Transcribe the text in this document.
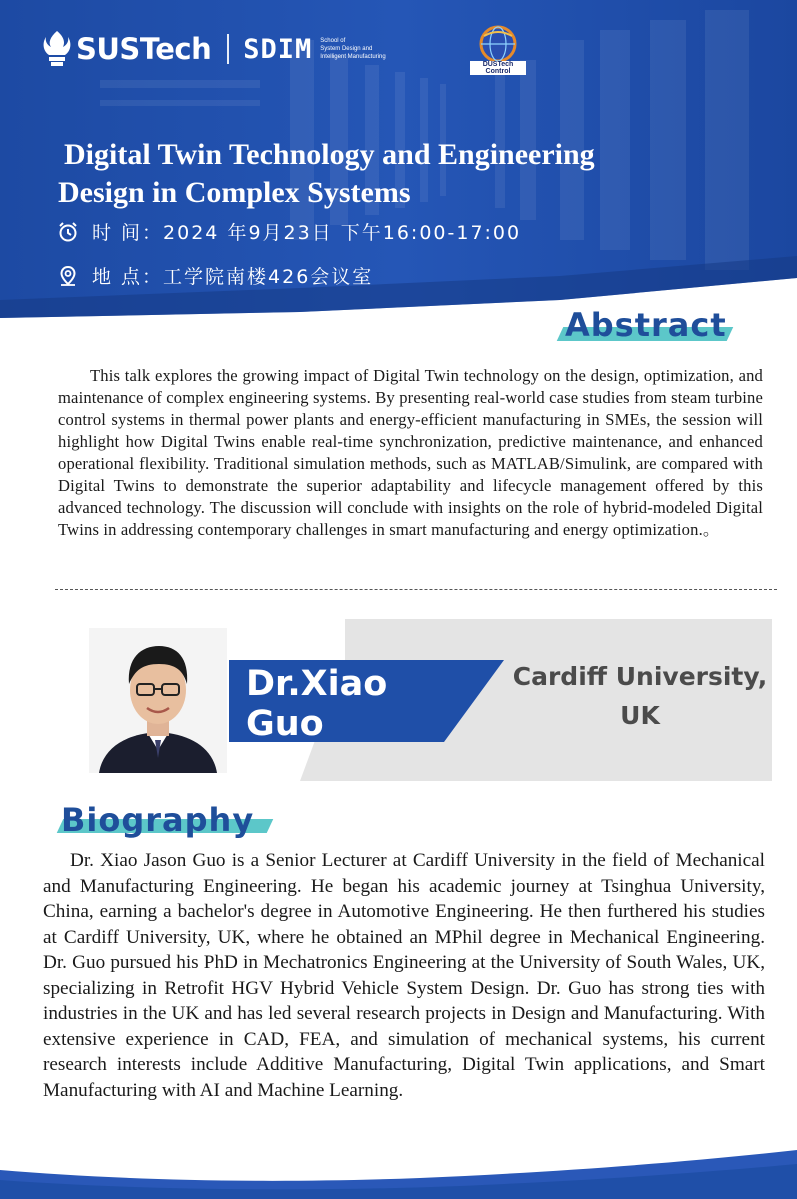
SUSTech SDIM School of
System Design and
Intelligent Manufacturing
DUSTech Control
Digital Twin Technology and Engineering
Design in Complex Systems
时 间： 2024 年9月23日 下午16:00-17:00
地 点： 工学院南楼426会议室
Abstract

This talk explores the growing impact of Digital Twin technology on the design, optimization, and maintenance of complex engineering systems. By presenting real-world case studies from steam turbine control systems in thermal power plants and energy-efficient manufacturing in SMEs, the session will highlight how Digital Twins enable real-time synchronization, predictive maintenance, and enhanced operational flexibility. Traditional simulation methods, such as MATLAB/Simulink, are compared with Digital Twins to demonstrate the superior adaptability and lifecycle management offered by this advanced technology. The discussion will conclude with insights on the role of hybrid-modeled Digital Twins in addressing contemporary challenges in smart manufacturing and energy optimization.。

Dr.Xiao
Guo
Cardiff University,
UK
Biography

Dr. Xiao Jason Guo is a Senior Lecturer at Cardiff University in the field of Mechanical and Manufacturing Engineering. He began his academic journey at Tsinghua University, China, earning a bachelor's degree in Automotive Engineering. He then furthered his studies at Cardiff University, UK, where he obtained an MPhil degree in Mechanical Engineering. Dr. Guo pursued his PhD in Mechatronics Engineering at the University of South Wales, UK, specializing in Retrofit HGV Hybrid Vehicle System Design. Dr. Guo has strong ties with industries in the UK and has led several research projects in Design and Manufacturing. With extensive experience in CAD, FEA, and simulation of mechanical systems, his current research interests include Additive Manufacturing, Digital Twin applications, and Smart Manufacturing with AI and Machine Learning.
